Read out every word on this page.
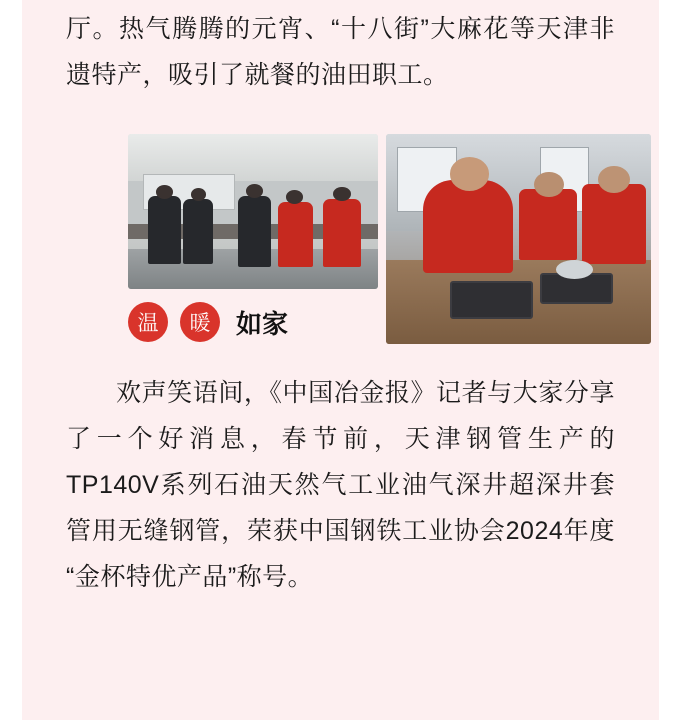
厅。热气腾腾的元宵、“十八街”大麻花等天津非遗特产，吸引了就餐的油田职工。

温	暖 如家

欢声笑语间，《中国冶金报》记者与大家分享了一个好消息，春节前，天津钢管生产的TP140V系列石油天然气工业油气深井超深井套管用无缝钢管，荣获中国钢铁工业协会2024年度“金杯特优产品”称号。
